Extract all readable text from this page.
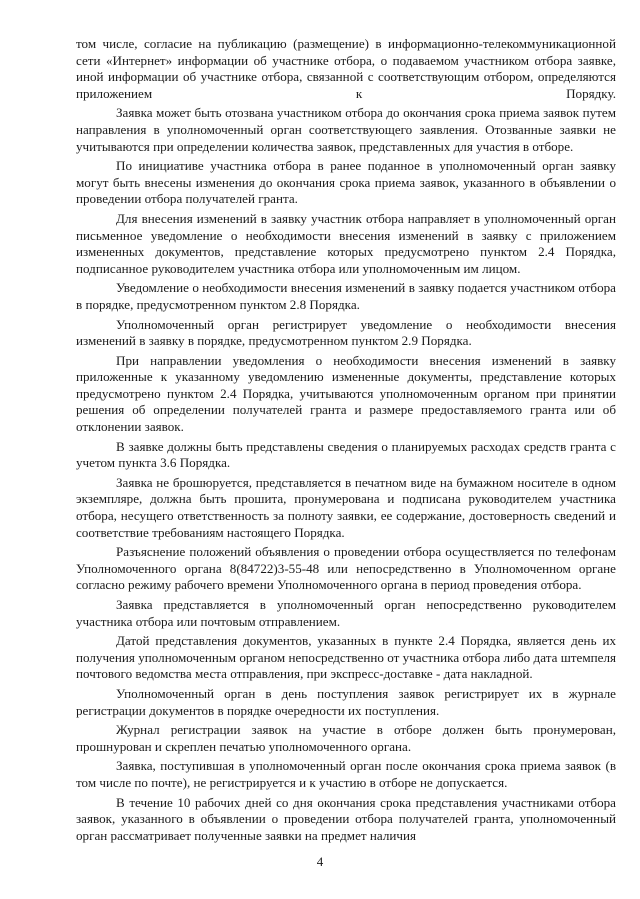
том числе, согласие на публикацию (размещение) в информационно-телекоммуникационной сети «Интернет» информации об участнике отбора, о подаваемом участником отбора заявке, иной информации об участнике отбора, связанной с соответствующим отбором, определяются приложением к Порядку.

Заявка может быть отозвана участником отбора до окончания срока приема заявок путем направления в уполномоченный орган соответствующего заявления. Отозванные заявки не учитываются при определении количества заявок, представленных для участия в отборе.

По инициативе участника отбора в ранее поданное в уполномоченный орган заявку могут быть внесены изменения до окончания срока приема заявок, указанного в объявлении о проведении отбора получателей гранта.

Для внесения изменений в заявку участник отбора направляет в уполномоченный орган письменное уведомление о необходимости внесения изменений в заявку с приложением измененных документов, представление которых предусмотрено пунктом 2.4 Порядка, подписанное руководителем участника отбора или уполномоченным им лицом.

Уведомление о необходимости внесения изменений в заявку подается участником отбора в порядке, предусмотренном пунктом 2.8 Порядка.

Уполномоченный орган регистрирует уведомление о необходимости внесения изменений в заявку в порядке, предусмотренном пунктом 2.9 Порядка.

При направлении уведомления о необходимости внесения изменений в заявку приложенные к указанному уведомлению измененные документы, представление которых предусмотрено пунктом 2.4 Порядка, учитываются уполномоченным органом при принятии решения об определении получателей гранта и размере предоставляемого гранта или об отклонении заявок.

В заявке должны быть представлены сведения о планируемых расходах средств гранта с учетом пункта 3.6 Порядка.

Заявка не брошюруется, представляется в печатном виде на бумажном носителе в одном экземпляре, должна быть прошита, пронумерована и подписана руководителем участника отбора, несущего ответственность за полноту заявки, ее содержание, достоверность сведений и соответствие требованиям настоящего Порядка.

Разъяснение положений объявления о проведении отбора осуществляется по телефонам Уполномоченного органа 8(84722)3-55-48 или непосредственно в Уполномоченном органе согласно режиму рабочего времени Уполномоченного органа в период проведения отбора.

Заявка представляется в уполномоченный орган непосредственно руководителем участника отбора или почтовым отправлением.

Датой представления документов, указанных в пункте 2.4 Порядка, является день их получения уполномоченным органом непосредственно от участника отбора либо дата штемпеля почтового ведомства места отправления, при экспресс-доставке - дата накладной.

Уполномоченный орган в день поступления заявок регистрирует их в журнале регистрации документов в порядке очередности их поступления.

Журнал регистрации заявок на участие в отборе должен быть пронумерован, прошнурован и скреплен печатью уполномоченного органа.

Заявка, поступившая в уполномоченный орган после окончания срока приема заявок (в том числе по почте), не регистрируется и к участию в отборе не допускается.

В течение 10 рабочих дней со дня окончания срока представления участниками отбора заявок, указанного в объявлении о проведении отбора получателей гранта, уполномоченный орган рассматривает полученные заявки на предмет наличия

4
